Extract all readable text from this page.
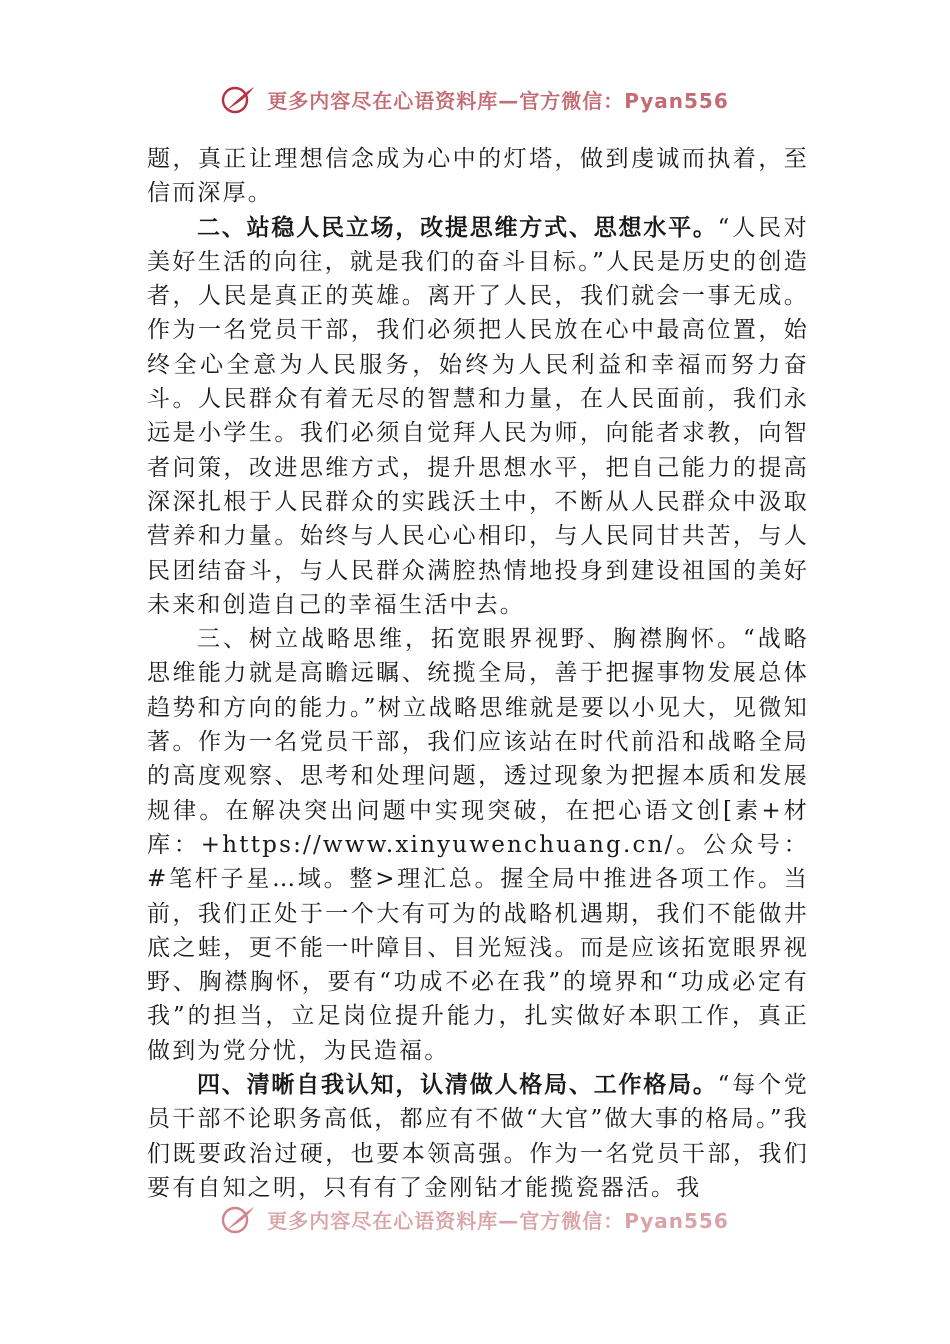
更多内容尽在心语资料库—官方微信：Pyan556

题，真正让理想信念成为心中的灯塔，做到虔诚而执着，至信而深厚。

二、站稳人民立场，改提思维方式、思想水平。“人民对美好生活的向往，就是我们的奋斗目标。”人民是历史的创造者，人民是真正的英雄。离开了人民，我们就会一事无成。作为一名党员干部，我们必须把人民放在心中最高位置，始终全心全意为人民服务，始终为人民利益和幸福而努力奋斗。人民群众有着无尽的智慧和力量，在人民面前，我们永远是小学生。我们必须自觉拜人民为师，向能者求教，向智者问策，改进思维方式，提升思想水平，把自己能力的提高深深扎根于人民群众的实践沃土中，不断从人民群众中汲取营养和力量。始终与人民心心相印，与人民同甘共苦，与人民团结奋斗，与人民群众满腔热情地投身到建设祖国的美好未来和创造自己的幸福生活中去。

三、树立战略思维，拓宽眼界视野、胸襟胸怀。“战略思维能力就是高瞻远瞩、统揽全局，善于把握事物发展总体趋势和方向的能力。”树立战略思维就是要以小见大，见微知著。作为一名党员干部，我们应该站在时代前沿和战略全局的高度观察、思考和处理问题，透过现象为把握本质和发展规律。在解决突出问题中实现突破，在把心语文创[素+材库：+https://www.xinyuwenchuang.cn/。公众号：#笔杆子星…域。整>理汇总。握全局中推进各项工作。当前，我们正处于一个大有可为的战略机遇期，我们不能做井底之蛙，更不能一叶障目、目光短浅。而是应该拓宽眼界视野、胸襟胸怀，要有“功成不必在我”的境界和“功成必定有我”的担当，立足岗位提升能力，扎实做好本职工作，真正做到为党分忧，为民造福。

四、清晰自我认知，认清做人格局、工作格局。“每个党员干部不论职务高低，都应有不做“大官”做大事的格局。”我们既要政治过硬，也要本领高强。作为一名党员干部，我们要有自知之明，只有有了金刚钻才能揽瓷器活。我

更多内容尽在心语资料库—官方微信：Pyan556
